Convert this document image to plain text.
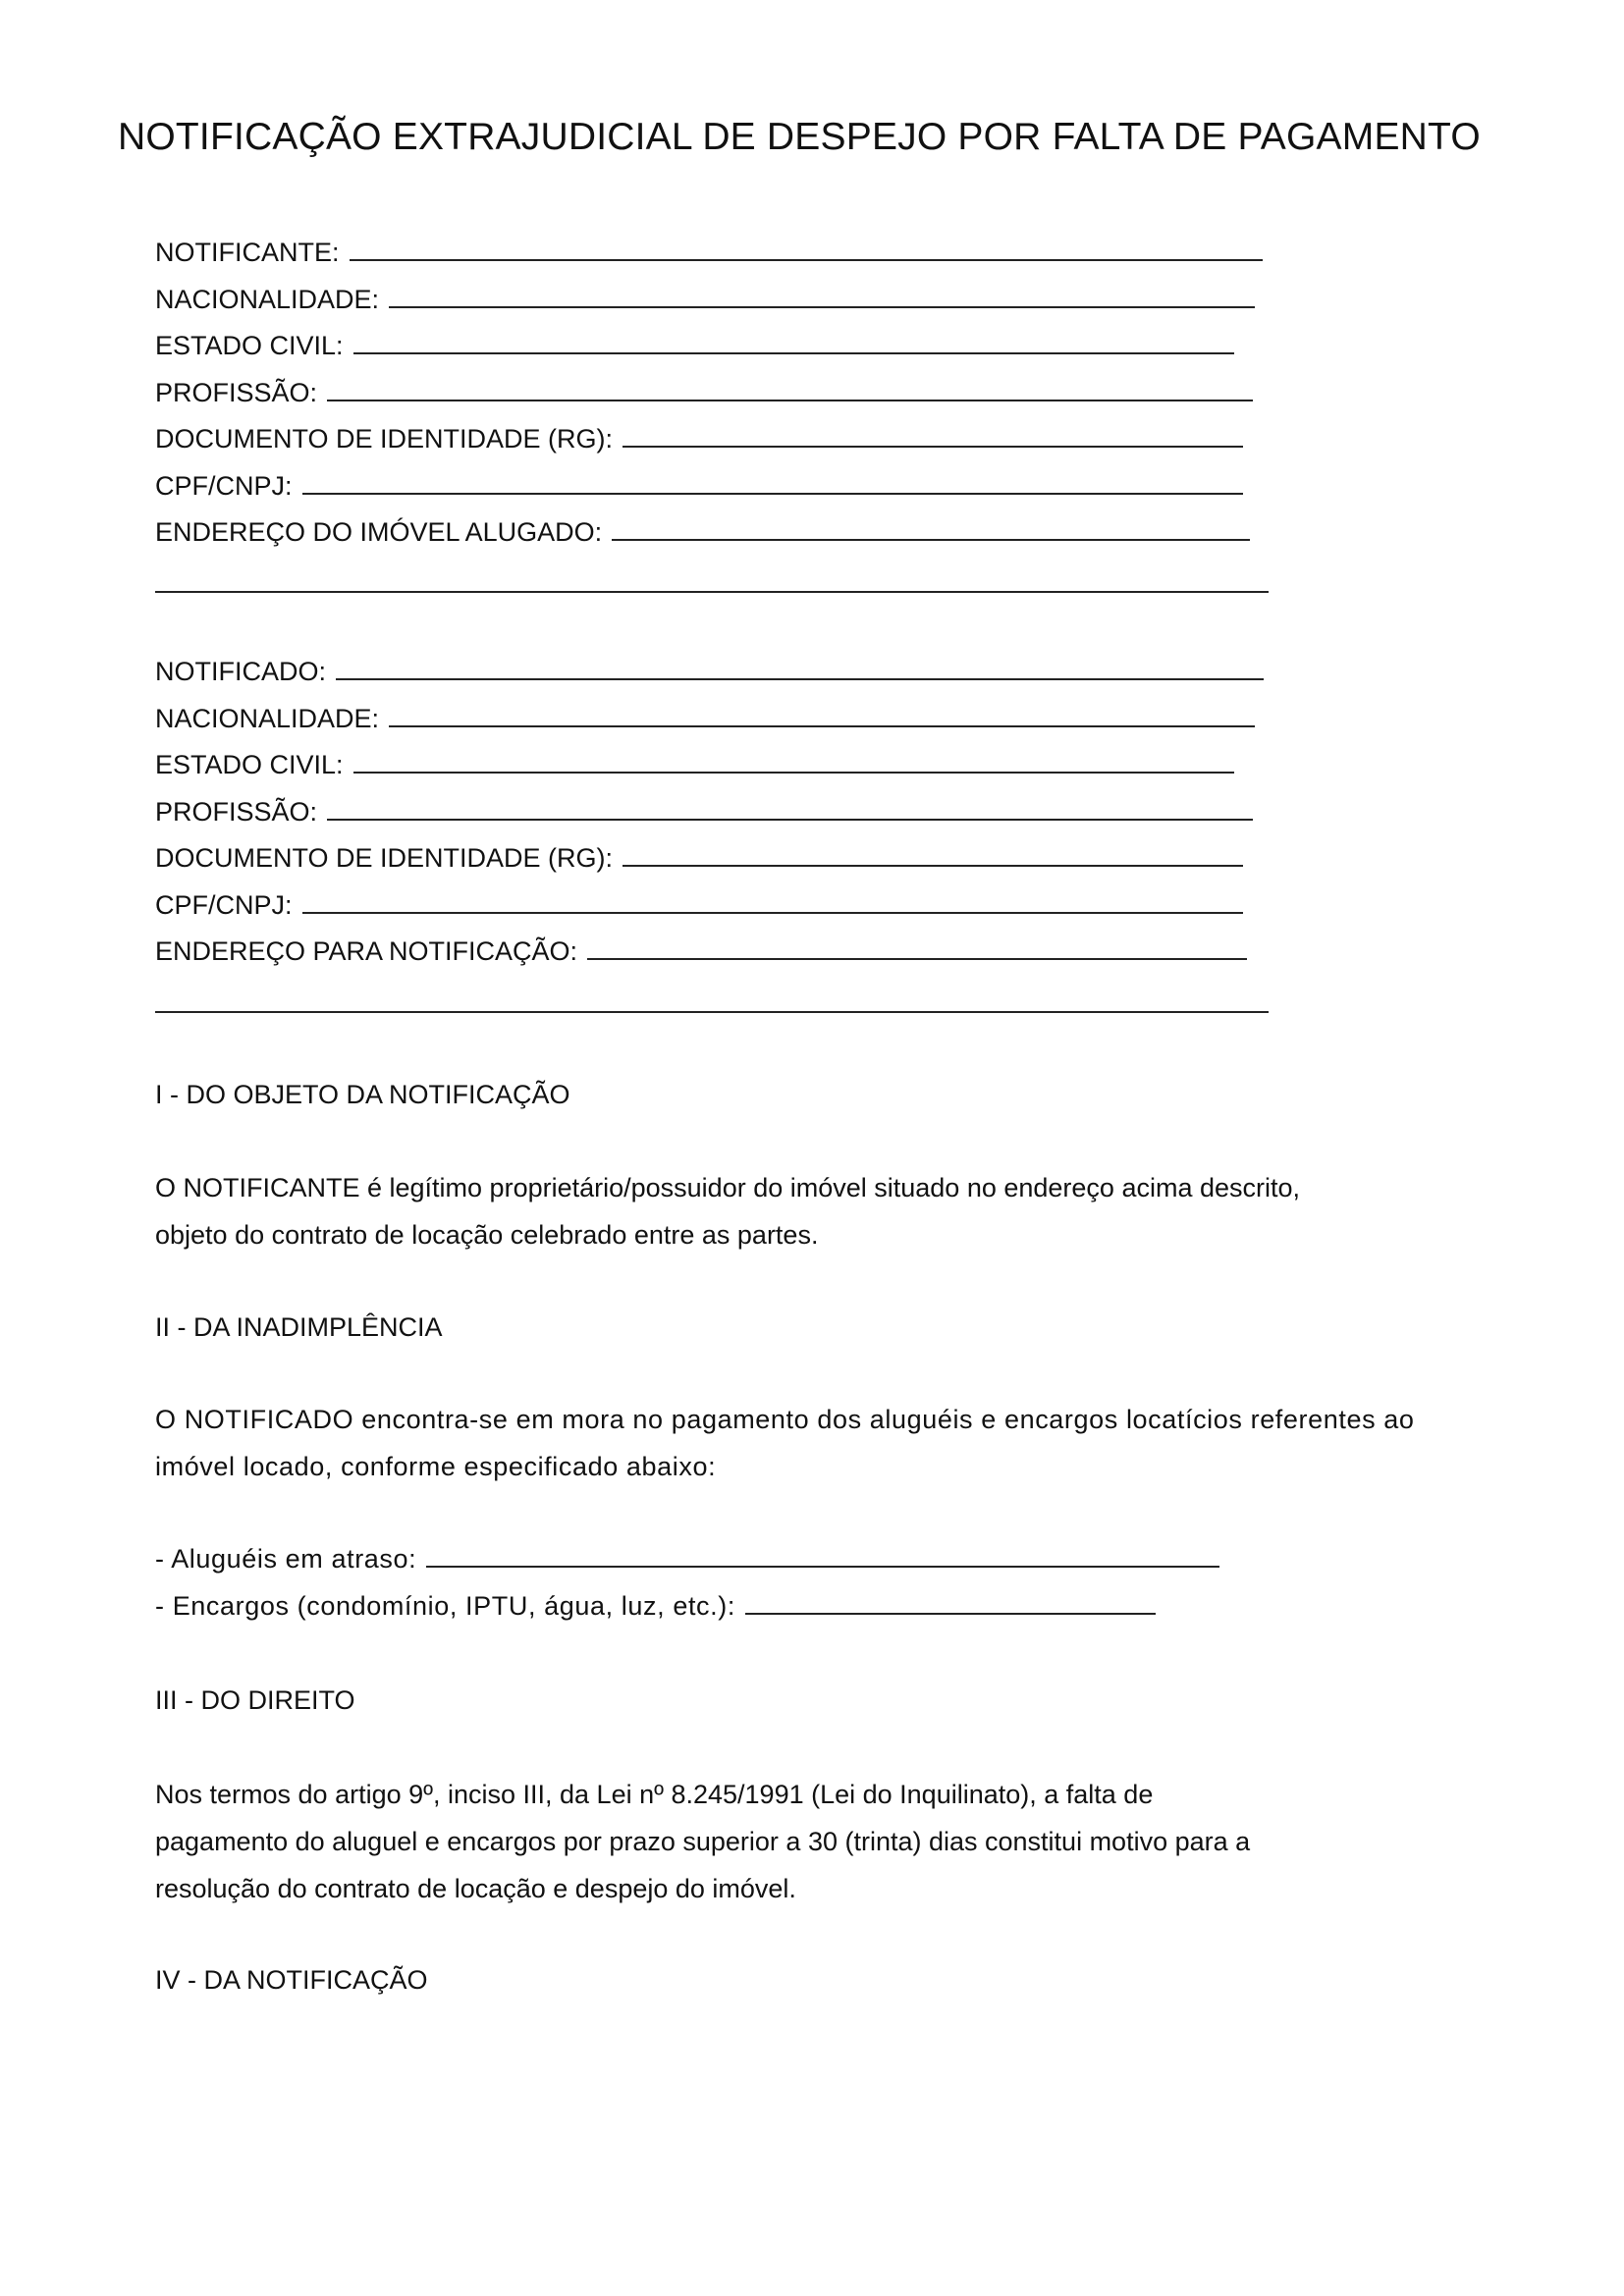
NOTIFICAÇÃO EXTRAJUDICIAL DE DESPEJO POR FALTA DE PAGAMENTO
NOTIFICANTE:
NACIONALIDADE:
ESTADO CIVIL:
PROFISSÃO:
DOCUMENTO DE IDENTIDADE (RG):
CPF/CNPJ:
ENDEREÇO DO IMÓVEL ALUGADO:
NOTIFICADO:
NACIONALIDADE:
ESTADO CIVIL:
PROFISSÃO:
DOCUMENTO DE IDENTIDADE (RG):
CPF/CNPJ:
ENDEREÇO PARA NOTIFICAÇÃO:
I - DO OBJETO DA NOTIFICAÇÃO
O NOTIFICANTE é legítimo proprietário/possuidor do imóvel situado no endereço acima descrito,
objeto do contrato de locação celebrado entre as partes.
II - DA INADIMPLÊNCIA
O NOTIFICADO encontra-se em mora no pagamento dos aluguéis e encargos locatícios referentes ao
imóvel locado, conforme especificado abaixo:
- Aluguéis em atraso:
- Encargos (condomínio, IPTU, água, luz, etc.):
III - DO DIREITO
Nos termos do artigo 9º, inciso III, da Lei nº 8.245/1991 (Lei do Inquilinato), a falta de
pagamento do aluguel e encargos por prazo superior a 30 (trinta) dias constitui motivo para a
resolução do contrato de locação e despejo do imóvel.
IV - DA NOTIFICAÇÃO
